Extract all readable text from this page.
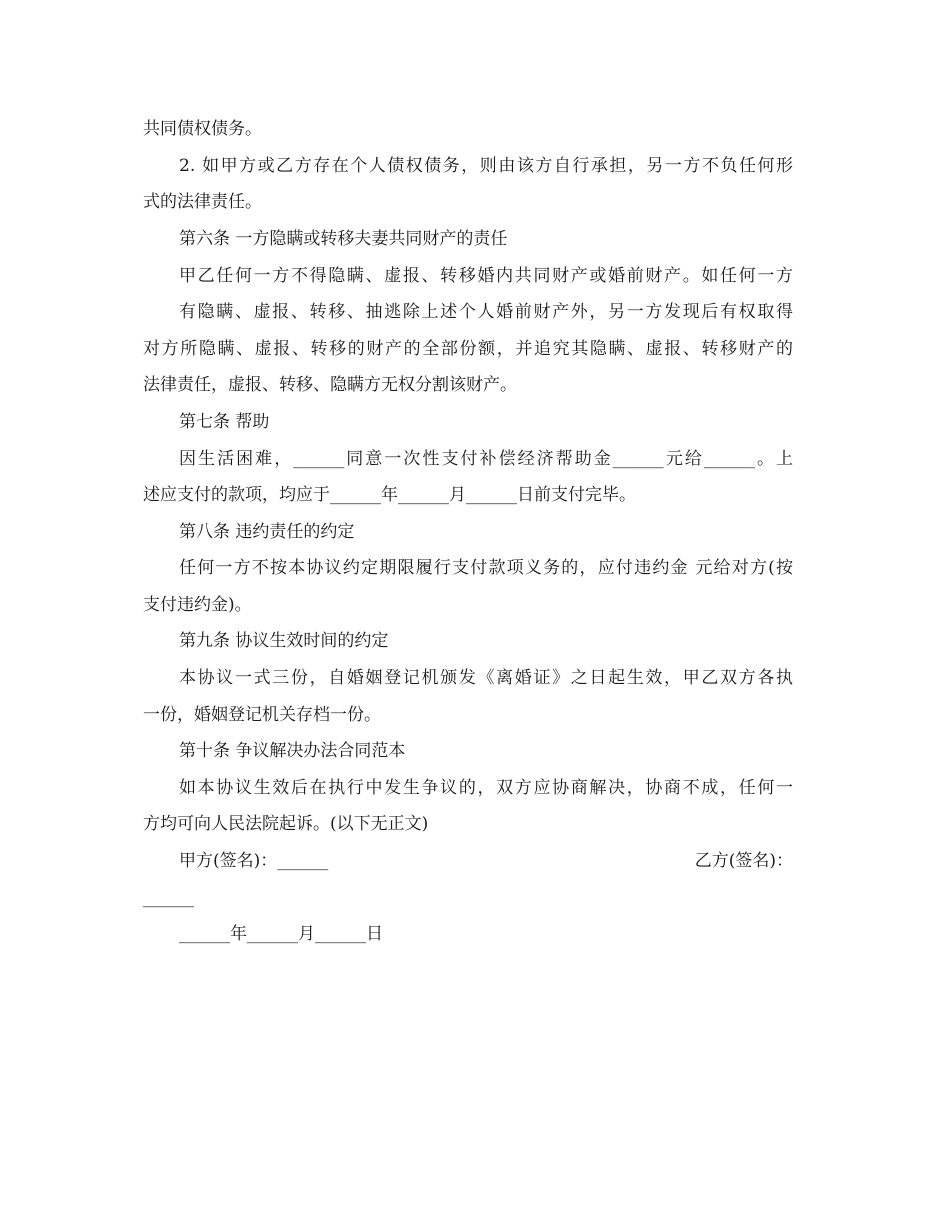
共同债权债务。
2. 如甲方或乙方存在个人债权债务，则由该方自行承担，另一方不负任何形
式的法律责任。
第六条 一方隐瞒或转移夫妻共同财产的责任
甲乙任何一方不得隐瞒、虚报、转移婚内共同财产或婚前财产。如任何一方
有隐瞒、虚报、转移、抽逃除上述个人婚前财产外，另一方发现后有权取得
对方所隐瞒、虚报、转移的财产的全部份额，并追究其隐瞒、虚报、转移财产的
法律责任，虚报、转移、隐瞒方无权分割该财产。
第七条 帮助
因生活困难，______同意一次性支付补偿经济帮助金______元给______。上
述应支付的款项，均应于______年______月______日前支付完毕。
第八条 违约责任的约定
任何一方不按本协议约定期限履行支付款项义务的，应付违约金 元给对方(按
支付违约金)。
第九条 协议生效时间的约定
本协议一式三份，自婚姻登记机颁发《离婚证》之日起生效，甲乙双方各执
一份，婚姻登记机关存档一份。
第十条 争议解决办法合同范本
如本协议生效后在执行中发生争议的，双方应协商解决，协商不成，任何一
方均可向人民法院起诉。(以下无正文)
甲方(签名)：______	乙方(签名)：
______
______年______月______日
